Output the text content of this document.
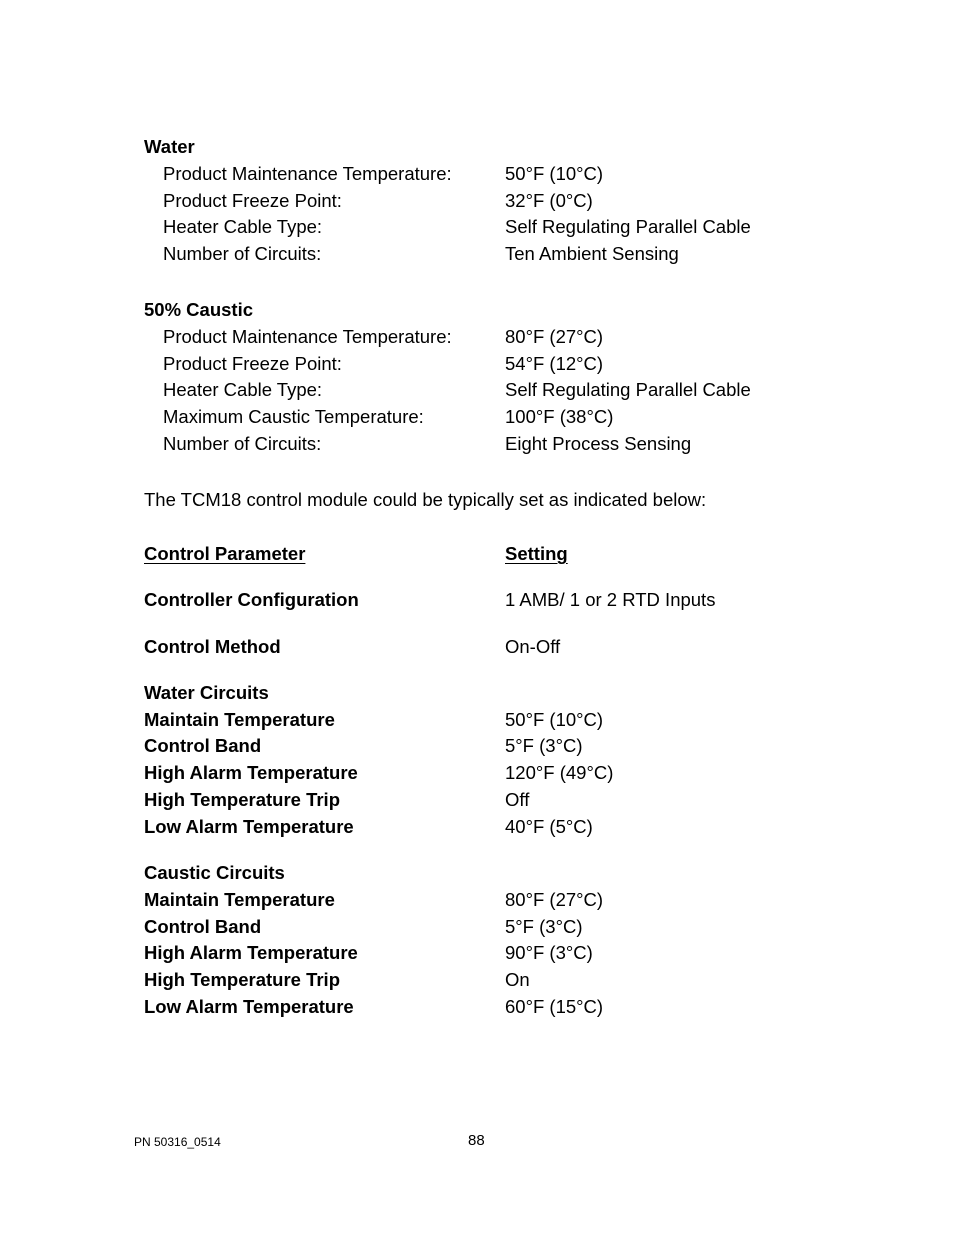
Water
Product Maintenance Temperature:	50°F (10°C)
Product Freeze Point:	32°F (0°C)
Heater Cable Type:	Self Regulating Parallel Cable
Number of Circuits:	Ten Ambient Sensing
50% Caustic
Product Maintenance Temperature:	80°F (27°C)
Product Freeze Point:	54°F (12°C)
Heater Cable Type:	Self Regulating Parallel Cable
Maximum Caustic Temperature:	100°F (38°C)
Number of Circuits:	Eight Process Sensing
The TCM18 control module could be typically set as indicated below:
Control Parameter	Setting
Controller Configuration	1 AMB/ 1 or 2 RTD Inputs
Control Method	On-Off
Water Circuits
Maintain Temperature	50°F (10°C)
Control Band	5°F (3°C)
High Alarm Temperature	120°F (49°C)
High Temperature Trip	Off
Low Alarm Temperature	40°F (5°C)
Caustic Circuits
Maintain Temperature	80°F (27°C)
Control Band	5°F (3°C)
High Alarm Temperature	90°F (3°C)
High Temperature Trip	On
Low Alarm Temperature	60°F (15°C)
PN 50316_0514	88
